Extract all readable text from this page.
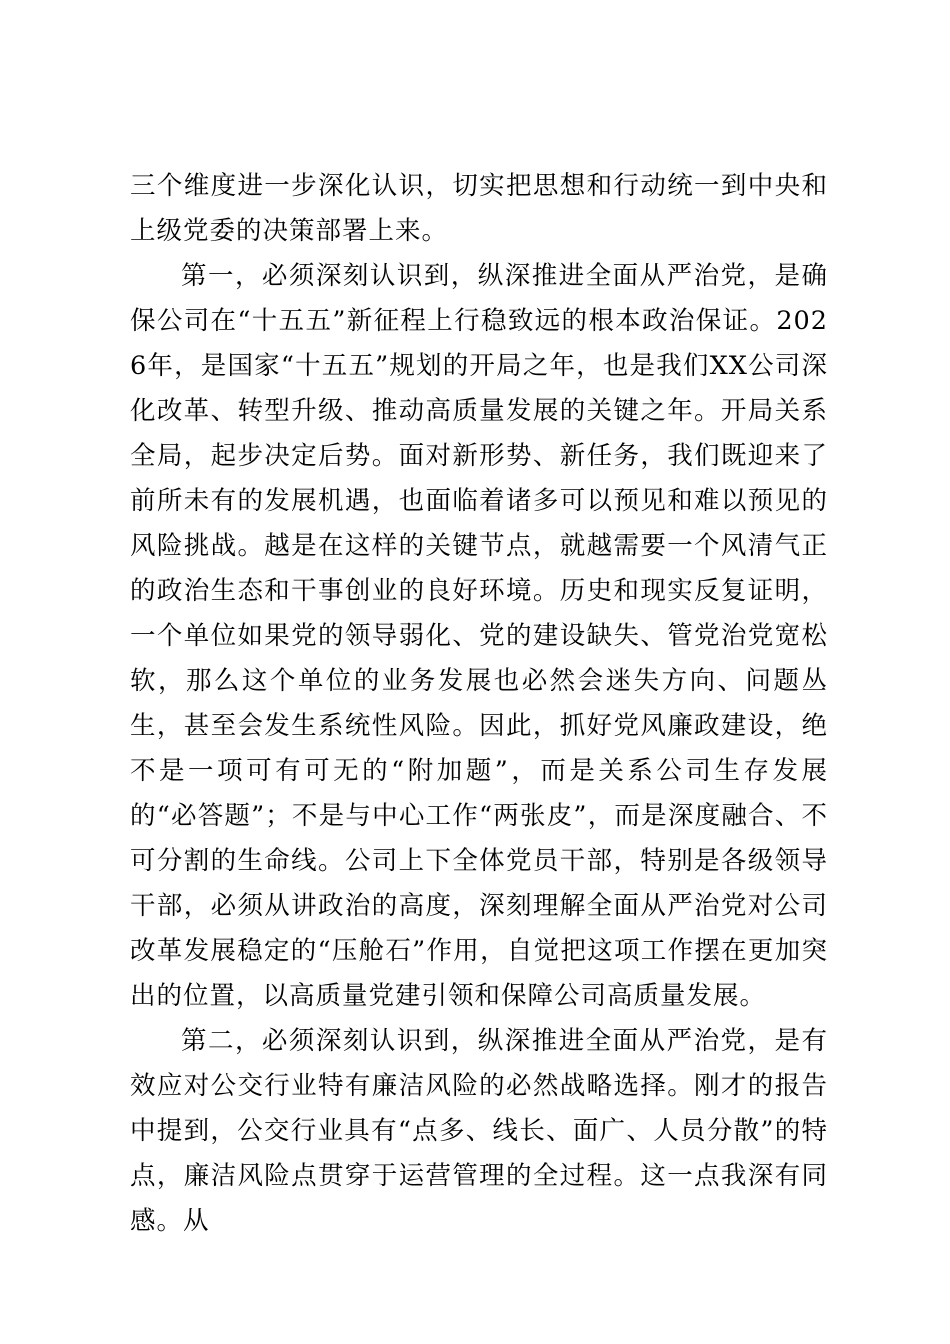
三个维度进一步深化认识，切实把思想和行动统一到中央和上级党委的决策部署上来。

第一，必须深刻认识到，纵深推进全面从严治党，是确保公司在“十五五”新征程上行稳致远的根本政治保证。2026年，是国家“十五五”规划的开局之年，也是我们XX公司深化改革、转型升级、推动高质量发展的关键之年。开局关系全局，起步决定后势。面对新形势、新任务，我们既迎来了前所未有的发展机遇，也面临着诸多可以预见和难以预见的风险挑战。越是在这样的关键节点，就越需要一个风清气正的政治生态和干事创业的良好环境。历史和现实反复证明，一个单位如果党的领导弱化、党的建设缺失、管党治党宽松软，那么这个单位的业务发展也必然会迷失方向、问题丛生，甚至会发生系统性风险。因此，抓好党风廉政建设，绝不是一项可有可无的“附加题”，而是关系公司生存发展的“必答题”；不是与中心工作“两张皮”，而是深度融合、不可分割的生命线。公司上下全体党员干部，特别是各级领导干部，必须从讲政治的高度，深刻理解全面从严治党对公司改革发展稳定的“压舱石”作用，自觉把这项工作摆在更加突出的位置，以高质量党建引领和保障公司高质量发展。

第二，必须深刻认识到，纵深推进全面从严治党，是有效应对公交行业特有廉洁风险的必然战略选择。刚才的报告中提到，公交行业具有“点多、线长、面广、人员分散”的特点，廉洁风险点贯穿于运营管理的全过程。这一点我深有同感。从
